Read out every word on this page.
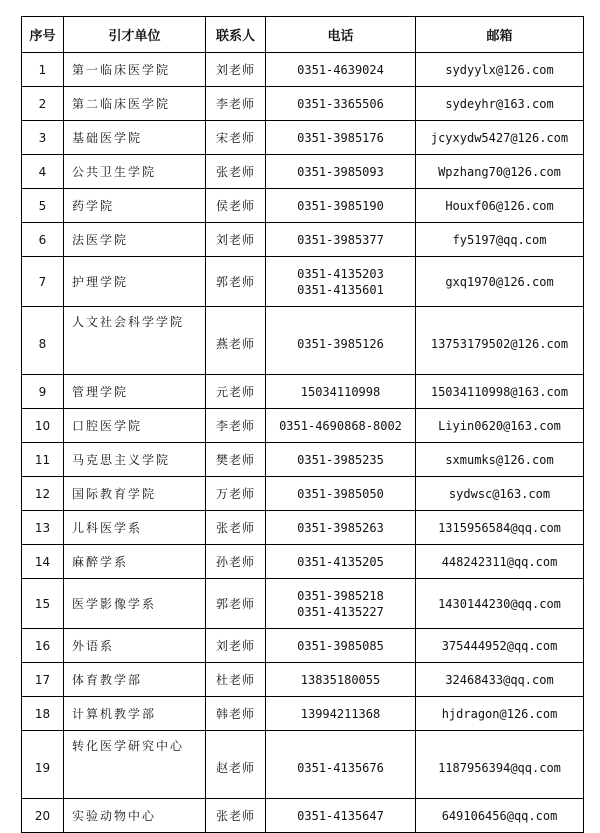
序号	引才单位	联系人	电话	邮箱
1	第一临床医学院	刘老师	0351-4639024	sydyylx@126.com

2	第二临床医学院	李老师	0351-3365506	sydeyhr@163.com

3	基础医学院	宋老师	0351-3985176	jcyxydw5427@126.com

4	公共卫生学院	张老师	0351-3985093	Wpzhang70@126.com

5	药学院	侯老师	0351-3985190	Houxf06@126.com

6	法医学院	刘老师	0351-3985377	fy5197@qq.com

7	护理学院	郭老师	0351-4135203
0351-4135601	gxq1970@126.com

8	人文社会科学学院	燕老师	0351-3985126	13753179502@126.com

9	管理学院	元老师	15034110998	15034110998@163.com

10	口腔医学院	李老师	0351-4690868-8002	Liyin0620@163.com

11	马克思主义学院	樊老师	0351-3985235	sxmumks@126.com

12	国际教育学院	万老师	0351-3985050	sydwsc@163.com

13	儿科医学系	张老师	0351-3985263	1315956584@qq.com

14	麻醉学系	孙老师	0351-4135205	448242311@qq.com

15	医学影像学系	郭老师	0351-3985218
0351-4135227	1430144230@qq.com

16	外语系	刘老师	0351-3985085	375444952@qq.com

17	体育教学部	杜老师	13835180055	32468433@qq.com

18	计算机教学部	韩老师	13994211368	hjdragon@126.com

19	转化医学研究中心	赵老师	0351-4135676	1187956394@qq.com

20	实验动物中心	张老师	0351-4135647	649106456@qq.com
